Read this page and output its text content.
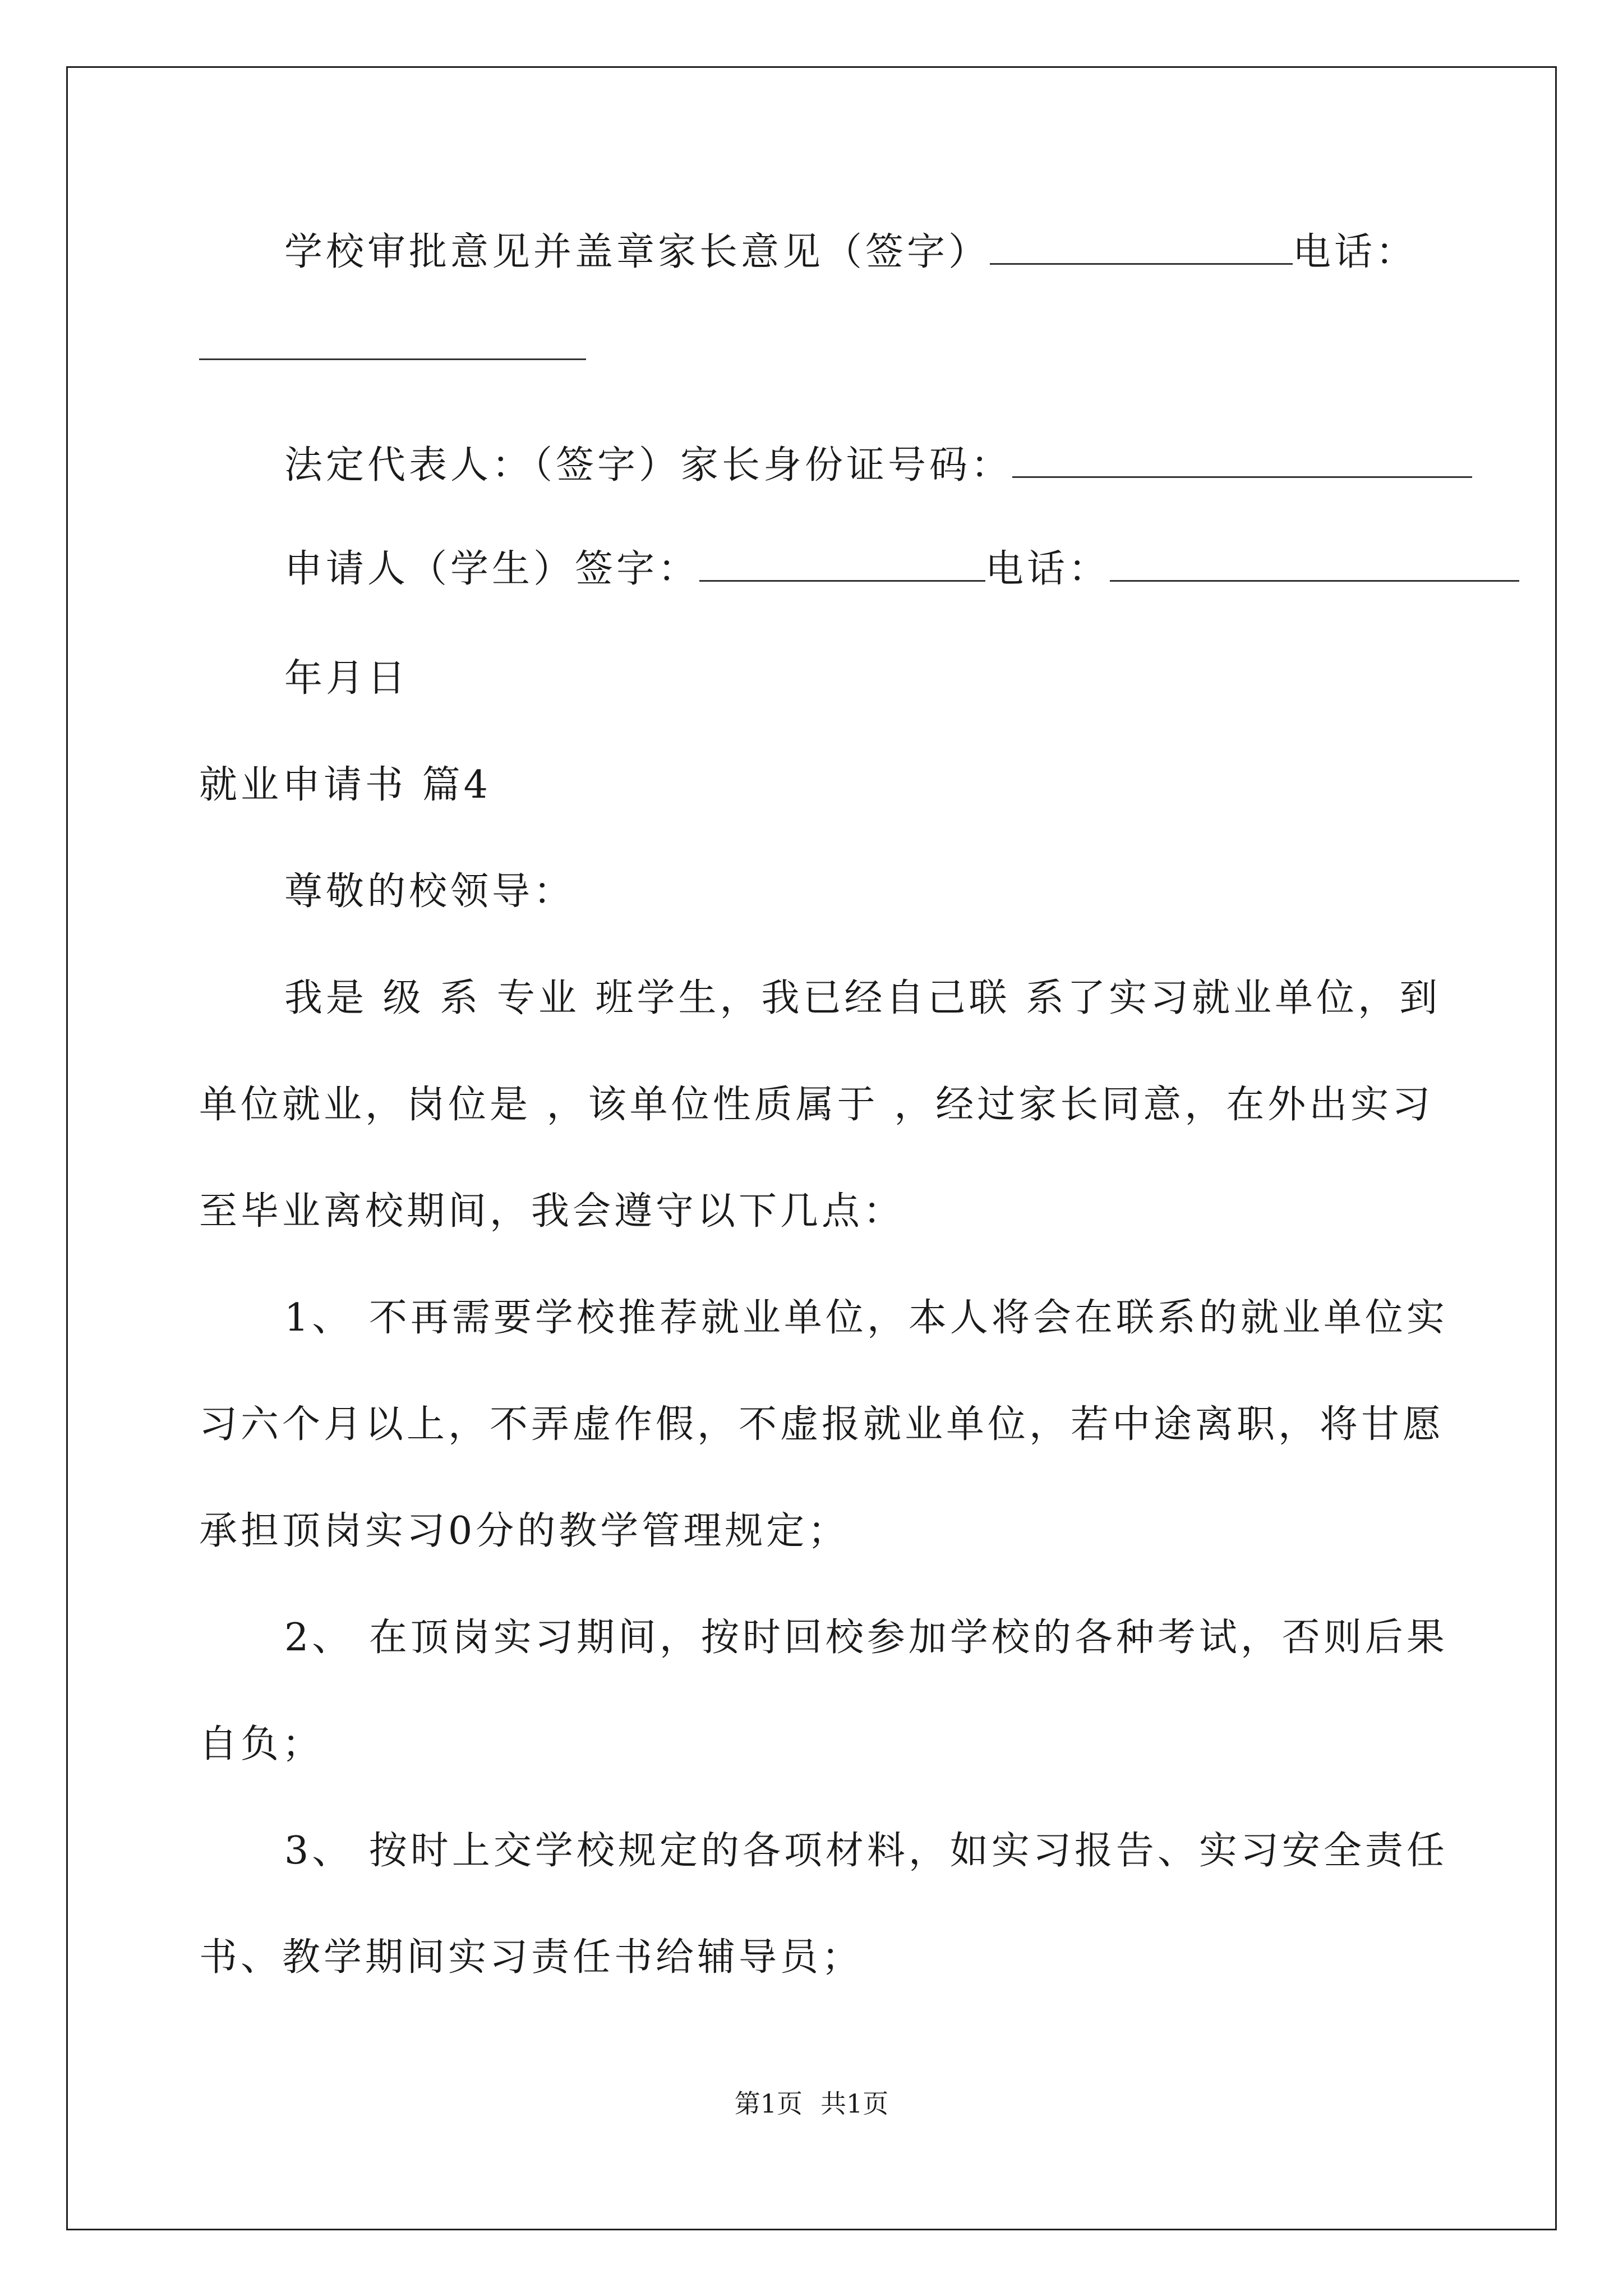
学校审批意见并盖章家长意见（签字）	电话：
法定代表人：（签字）家长身份证号码：
申请人（学生）签字：	电话：
年月日
就业申请书 篇4
尊敬的校领导：
我是 级 系 专业 班学生，我已经自己联 系了实习就业单位，到
单位就业，岗位是 ，该单位性质属于 ，经过家长同意，在外出实习
至毕业离校期间，我会遵守以下几点：
1、 不再需要学校推荐就业单位，本人将会在联系的就业单位实
习六个月以上，不弄虚作假，不虚报就业单位，若中途离职，将甘愿
承担顶岗实习0分的教学管理规定；
2、 在顶岗实习期间，按时回校参加学校的各种考试，否则后果
自负；
3、 按时上交学校规定的各项材料，如实习报告、实习安全责任
书、教学期间实习责任书给辅导员；
第1页 共1页
